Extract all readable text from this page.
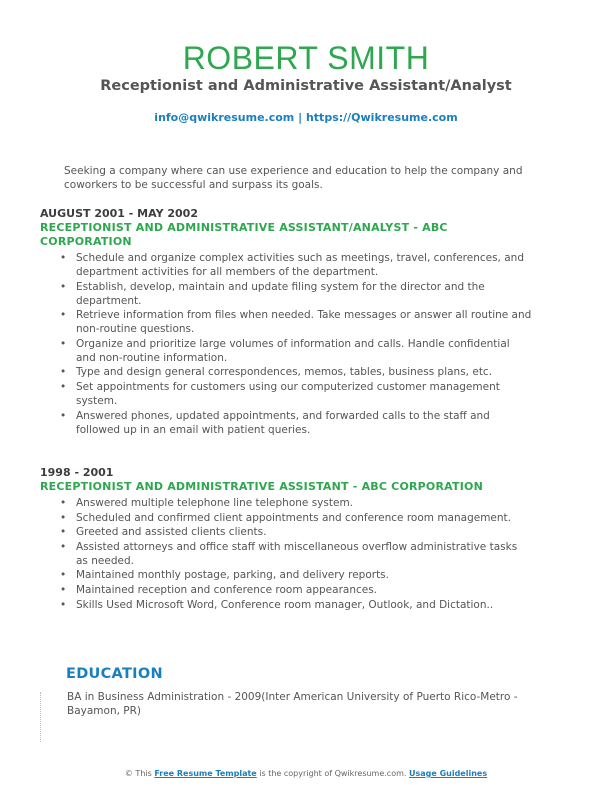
ROBERT SMITH
Receptionist and Administrative Assistant/Analyst
info@qwikresume.com | https://Qwikresume.com
Seeking a company where can use experience and education to help the company and coworkers to be successful and surpass its goals.
AUGUST 2001 - MAY 2002
RECEPTIONIST AND ADMINISTRATIVE ASSISTANT/ANALYST - ABC CORPORATION
• Schedule and organize complex activities such as meetings, travel, conferences, and department activities for all members of the department.
• Establish, develop, maintain and update filing system for the director and the department.
• Retrieve information from files when needed. Take messages or answer all routine and non-routine questions.
• Organize and prioritize large volumes of information and calls. Handle confidential and non-routine information.
• Type and design general correspondences, memos, tables, business plans, etc.
• Set appointments for customers using our computerized customer management system.
• Answered phones, updated appointments, and forwarded calls to the staff and followed up in an email with patient queries.
1998 - 2001
RECEPTIONIST AND ADMINISTRATIVE ASSISTANT - ABC CORPORATION
• Answered multiple telephone line telephone system.
• Scheduled and confirmed client appointments and conference room management.
• Greeted and assisted clients clients.
• Assisted attorneys and office staff with miscellaneous overflow administrative tasks as needed.
• Maintained monthly postage, parking, and delivery reports.
• Maintained reception and conference room appearances.
• Skills Used Microsoft Word, Conference room manager, Outlook, and Dictation..
EDUCATION
BA in Business Administration - 2009(Inter American University of Puerto Rico-Metro - Bayamon, PR)
© This Free Resume Template is the copyright of Qwikresume.com. Usage Guidelines
